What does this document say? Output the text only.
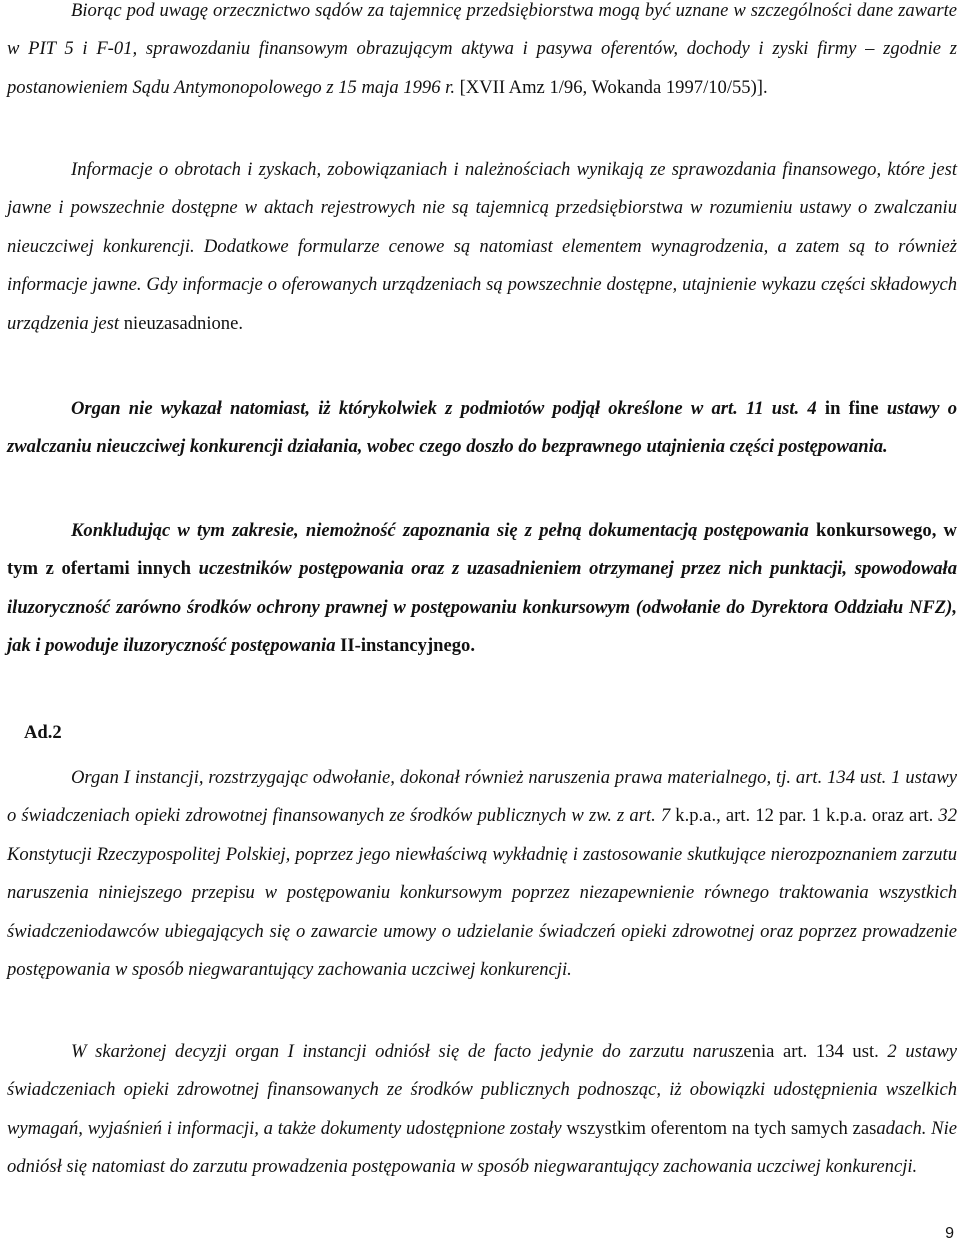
Biorąc pod uwagę orzecznictwo sądów za tajemnicę przedsiębiorstwa mogą być uznane w szczególności dane zawarte w PIT 5 i F-01, sprawozdaniu finansowym obrazującym aktywa i pasywa oferentów, dochody i zyski firmy – zgodnie z postanowieniem Sądu Antymonopolowego z 15 maja 1996 r. [XVII Amz 1/96, Wokanda 1997/10/55)].

Informacje o obrotach i zyskach, zobowiązaniach i należnościach wynikają ze sprawozdania finansowego, które jest jawne i powszechnie dostępne w aktach rejestrowych nie są tajemnicą przedsiębiorstwa w rozumieniu ustawy o zwalczaniu nieuczciwej konkurencji. Dodatkowe formularze cenowe są natomiast elementem wynagrodzenia, a zatem są to również informacje jawne. Gdy informacje o oferowanych urządzeniach są powszechnie dostępne, utajnienie wykazu części składowych urządzenia jest nieuzasadnione.

Organ nie wykazał natomiast, iż którykolwiek z podmiotów podjął określone w art. 11 ust. 4 in fine ustawy o zwalczaniu nieuczciwej konkurencji działania, wobec czego doszło do bezprawnego utajnienia części postępowania.

Konkludując w tym zakresie, niemożność zapoznania się z pełną dokumentacją postępowania konkursowego, w tym z ofertami innych uczestników postępowania oraz z uzasadnieniem otrzymanej przez nich punktacji, spowodowała iluzoryczność zarówno środków ochrony prawnej w postępowaniu konkursowym (odwołanie do Dyrektora Oddziału NFZ), jak i powoduje iluzoryczność postępowania II-instancyjnego.

Ad.2

Organ I instancji, rozstrzygając odwołanie, dokonał również naruszenia prawa materialnego, tj. art. 134 ust. 1 ustawy o świadczeniach opieki zdrowotnej finansowanych ze środków publicznych w zw. z art. 7 k.p.a., art. 12 par. 1 k.p.a. oraz art. 32 Konstytucji Rzeczypospolitej Polskiej, poprzez jego niewłaściwą wykładnię i zastosowanie skutkujące nierozpoznaniem zarzutu naruszenia niniejszego przepisu w postępowaniu konkursowym poprzez niezapewnienie równego traktowania wszystkich świadczeniodawców ubiegających się o zawarcie umowy o udzielanie świadczeń opieki zdrowotnej oraz poprzez prowadzenie postępowania w sposób niegwarantujący zachowania uczciwej konkurencji.

W skarżonej decyzji organ I instancji odniósł się de facto jedynie do zarzutu naruszenia art. 134 ust. 2 ustawy świadczeniach opieki zdrowotnej finansowanych ze środków publicznych podnosząc, iż obowiązki udostępnienia wszelkich wymagań, wyjaśnień i informacji, a także dokumenty udostępnione zostały wszystkim oferentom na tych samych zasadach. Nie odniósł się natomiast do zarzutu prowadzenia postępowania w sposób niegwarantujący zachowania uczciwej konkurencji.

9
